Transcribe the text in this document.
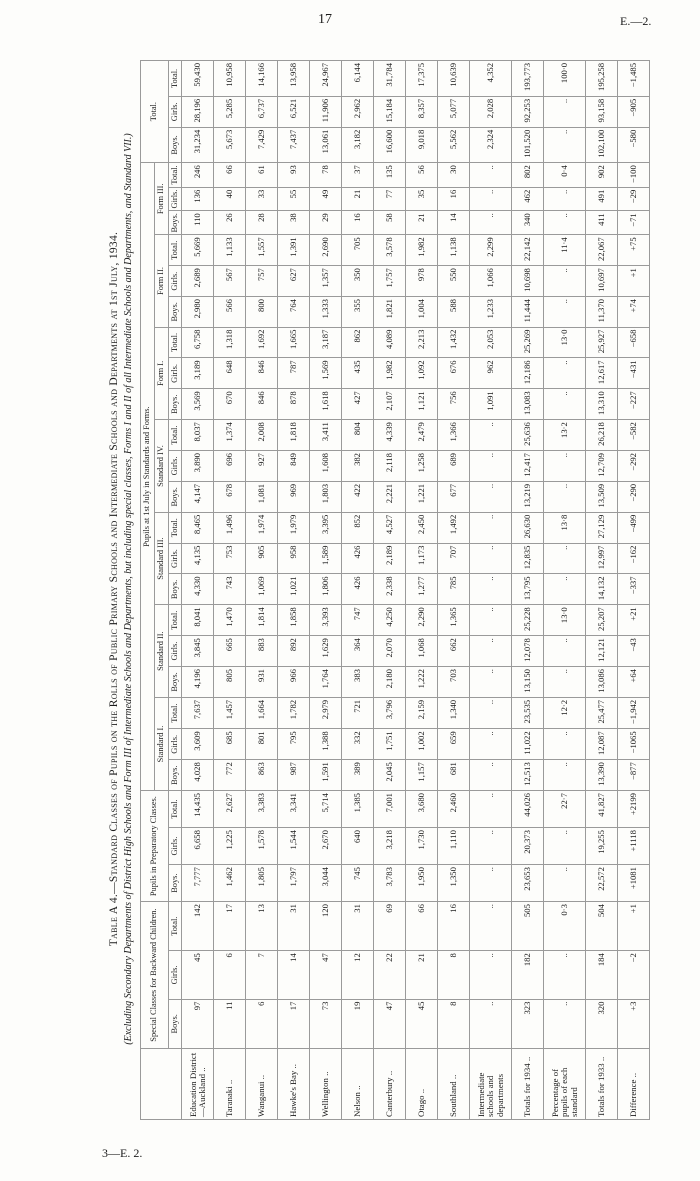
17	E.—2.
3—E. 2.
Table A 4.—Standard Classes of Pupils on the Rolls of Public Primary Schools and Intermediate Schools and Departments at 1st July, 1934. (Excluding Secondary Departments of District High Schools and Form III of Intermediate Schools and Departments, but including special classes, Forms I and II of all Intermediate Schools and Departments, and Standard VII.)
	Special Classes for Backward Children.			Pupils in Preparatory Classes.			Pupils at 1st July in Standards and Forms.																					Total.		
							Standard I.			Standard II.			Standard III.			Standard IV.			Form I.			Form II.			Form III.					
	Boys.	Girls.	Total.	Boys.	Girls.	Total.	Boys.	Girls.	Total.	Boys.	Girls.	Total.	Boys.	Girls.	Total.	Boys.	Girls.	Total.	Boys.	Girls.	Total.	Boys.	Girls.	Total.	Boys.	Girls.	Total.	Boys.	Girls.	Total.
Education District—Auckland ..	97	45	142	7,777	6,658	14,435	4,028	3,609	7,637	4,196	3,845	8,041	4,330	4,135	8,465	4,147	3,890	8,037	3,569	3,189	6,758	2,980	2,689	5,669	110	136	246	31,234	28,196	59,430
Taranaki ..	11	6	17	1,462	1,225	2,627	772	685	1,457	805	665	1,470	743	753	1,496	678	696	1,374	670	648	1,318	566	567	1,133	26	40	66	5,673	5,285	10,958
Wanganui ..	6	7	13	1,805	1,578	3,383	863	801	1,664	931	883	1,814	1,069	905	1,974	1,081	927	2,008	846	846	1,692	800	757	1,557	28	33	61	7,429	6,737	14,166
Hawke's Bay ..	17	14	31	1,797	1,544	3,341	987	795	1,782	966	892	1,858	1,021	958	1,979	969	849	1,818	878	787	1,665	764	627	1,391	38	55	93	7,437	6,521	13,958
Wellington ..	73	47	120	3,044	2,670	5,714	1,591	1,388	2,979	1,764	1,629	3,393	1,806	1,589	3,395	1,803	1,608	3,411	1,618	1,569	3,187	1,333	1,357	2,690	29	49	78	13,061	11,906	24,967
Nelson ..	19	12	31	745	640	1,385	389	332	721	383	364	747	426	426	852	422	382	804	427	435	862	355	350	705	16	21	37	3,182	2,962	6,144
Canterbury ..	47	22	69	3,783	3,218	7,001	2,045	1,751	3,796	2,180	2,070	4,250	2,338	2,189	4,527	2,221	2,118	4,339	2,107	1,982	4,089	1,821	1,757	3,578	58	77	135	16,600	15,184	31,784
Otago ..	45	21	66	1,950	1,730	3,680	1,157	1,002	2,159	1,222	1,068	2,290	1,277	1,173	2,450	1,221	1,258	2,479	1,121	1,092	2,213	1,004	978	1,982	21	35	56	9,018	8,357	17,375
Southland ..	8	8	16	1,350	1,110	2,460	681	659	1,340	703	662	1,365	785	707	1,492	677	689	1,366	756	676	1,432	588	550	1,138	14	16	30	5,562	5,077	10,639
Intermediate schools and departments	..	..	..	..	..	..	..	..	..	..	..	..	..	..	..	..	..	..	1,091	962	2,053	1,233	1,066	2,299	..	..	..	2,324	2,028	4,352
Totals for 1934 ..	323	182	505	23,653	20,373	44,026	12,513	11,022	23,535	13,150	12,078	25,228	13,795	12,835	26,630	13,219	12,417	25,636	13,083	12,186	25,269	11,444	10,698	22,142	340	462	802	101,520	92,253	193,773
Percentage of pupils of each standard	..	..	0·3	..	..	22·7	..	..	12·2	..	..	13·0	..	..	13·8	..	..	13·2	..	..	13·0	..	..	11·4	..	..	0·4	..	..	100·0
Totals for 1933 ..	320	184	504	22,572	19,255	41,827	13,390	12,087	25,477	13,086	12,121	25,207	14,132	12,997	27,129	13,509	12,709	26,218	13,310	12,617	25,927	11,370	10,697	22,067	411	491	902	102,100	93,158	195,258
Difference ..	+3	−2	+1	+1081	+1118	+2199	−877	−1065	−1,942	+64	−43	+21	−337	−162	−499	−290	−292	−582	−227	−431	−658	+74	+1	+75	−71	−29	−100	−580	−905	−1,485
